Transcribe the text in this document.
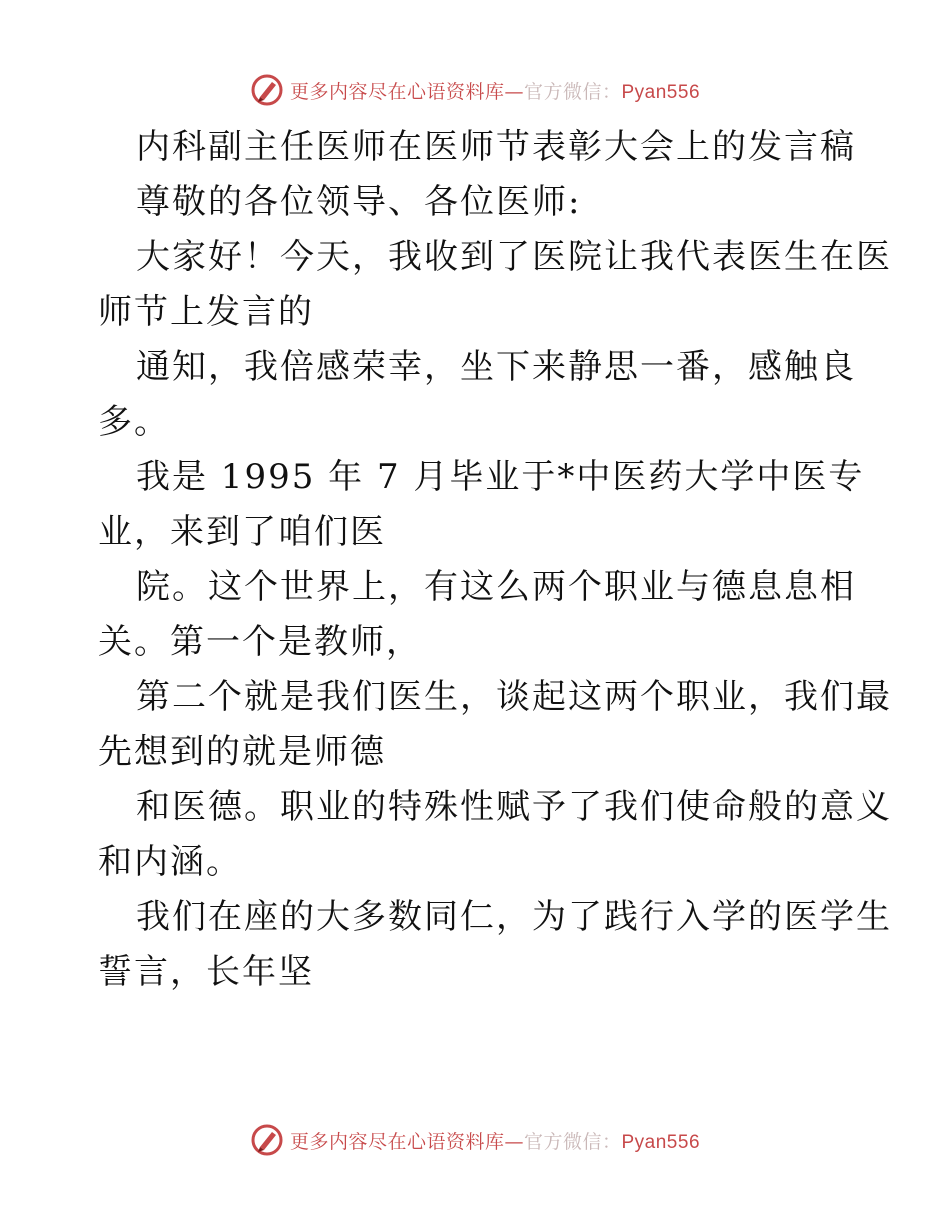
更多内容尽在心语资料库—官方微信：Pyan556
内科副主任医师在医师节表彰大会上的发言稿
尊敬的各位领导、各位医师:
大家好！今天，我收到了医院让我代表医生在医
师节上发言的
通知，我倍感荣幸，坐下来静思一番，感触良
多。
我是 1995 年 7 月毕业于*中医药大学中医专
业，来到了咱们医
院。这个世界上，有这么两个职业与德息息相
关。第一个是教师，
第二个就是我们医生，谈起这两个职业，我们最
先想到的就是师德
和医德。职业的特殊性赋予了我们使命般的意义
和内涵。
我们在座的大多数同仁，为了践行入学的医学生
誓言，长年坚
更多内容尽在心语资料库—官方微信：Pyan556
